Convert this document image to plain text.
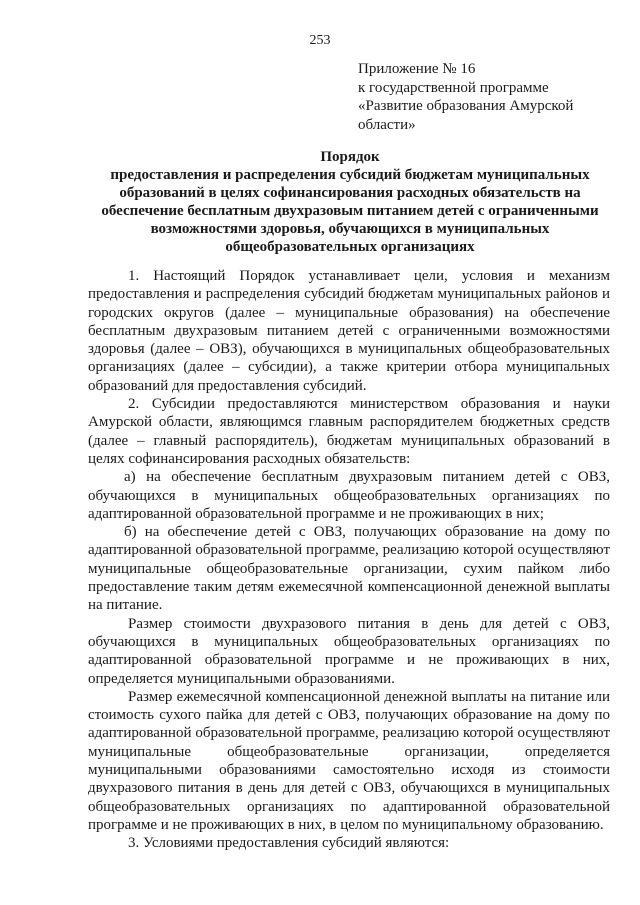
253
Приложение № 16
к государственной программе
«Развитие образования Амурской
области»
Порядок
предоставления и распределения субсидий бюджетам муниципальных
образований в целях софинансирования расходных обязательств на
обеспечение бесплатным двухразовым питанием детей с ограниченными
возможностями здоровья, обучающихся в муниципальных
общеобразовательных организациях

1. Настоящий Порядок устанавливает цели, условия и механизм предоставления и распределения субсидий бюджетам муниципальных районов и городских округов (далее – муниципальные образования) на обеспечение бесплатным двухразовым питанием детей с ограниченными возможностями здоровья (далее – ОВЗ), обучающихся в муниципальных общеобразовательных организациях (далее – субсидии), а также критерии отбора муниципальных образований для предоставления субсидий.

2. Субсидии предоставляются министерством образования и науки Амурской области, являющимся главным распорядителем бюджетных средств (далее – главный распорядитель), бюджетам муниципальных образований в целях софинансирования расходных обязательств:

а) на обеспечение бесплатным двухразовым питанием детей с ОВЗ, обучающихся в муниципальных общеобразовательных организациях по адаптированной образовательной программе и не проживающих в них;

б) на обеспечение детей с ОВЗ, получающих образование на дому по адаптированной образовательной программе, реализацию которой осуществляют муниципальные общеобразовательные организации, сухим пайком либо предоставление таким детям ежемесячной компенсационной денежной выплаты на питание.

Размер стоимости двухразового питания в день для детей с ОВЗ, обучающихся в муниципальных общеобразовательных организациях по адаптированной образовательной программе и не проживающих в них, определяется муниципальными образованиями.

Размер ежемесячной компенсационной денежной выплаты на питание или стоимость сухого пайка для детей с ОВЗ, получающих образование на дому по адаптированной образовательной программе, реализацию которой осуществляют муниципальные общеобразовательные организации, определяется муниципальными образованиями самостоятельно исходя из стоимости двухразового питания в день для детей с ОВЗ, обучающихся в муниципальных общеобразовательных организациях по адаптированной образовательной программе и не проживающих в них, в целом по муниципальному образованию.

3. Условиями предоставления субсидий являются:
